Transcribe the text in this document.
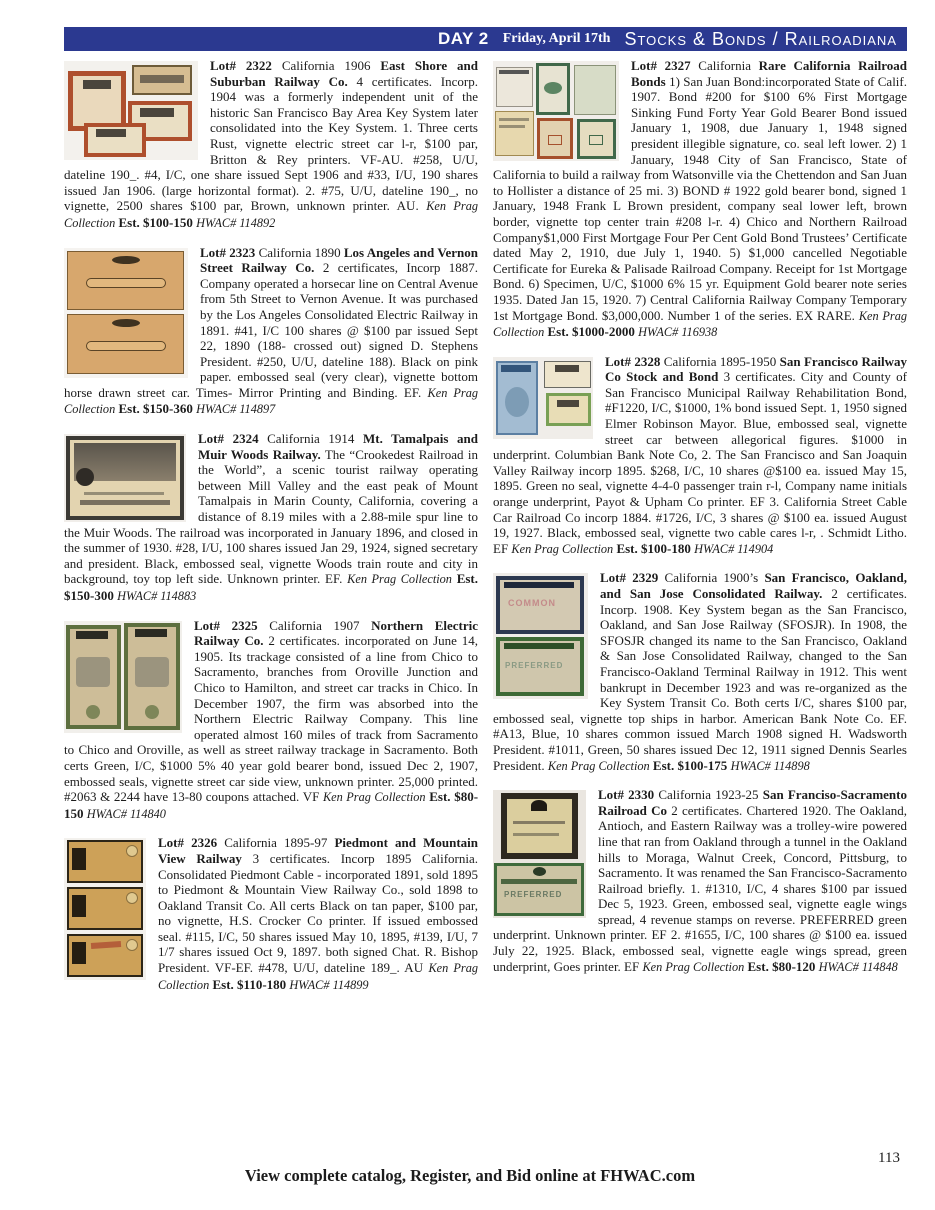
DAY 2 Friday, April 17th Stocks & Bonds / Railroadiana

Lot# 2322 California 1906 East Shore and Suburban Railway Co. 4 certificates. Incorp. 1904 was a formerly independent unit of the historic San Francisco Bay Area Key System later consolidated into the Key System. 1. Three certs Rust, vignette electric street car l-r, $100 par, Britton & Rey printers. VF-AU. #258, U/U, dateline 190_. #4, I/C, one share issued Sept 1906 and #33, I/U, 190 shares issued Jan 1906. (large horizontal format). 2. #75, U/U, dateline 190_, no vignette, 2500 shares $100 par, Brown, unknown printer. AU. Ken Prag Collection Est. $100-150 HWAC# 114892

Lot# 2323 California 1890 Los Angeles and Vernon Street Railway Co. 2 certificates, Incorp 1887. Company operated a horsecar line on Central Avenue from 5th Street to Vernon Avenue. It was purchased by the Los Angeles Consolidated Electric Railway in 1891. #41, I/C 100 shares @ $100 par issued Sept 22, 1890 (188- crossed out) signed D. Stephens President. #250, U/U, dateline 188). Black on pink paper. embossed seal (very clear), vignette bottom horse drawn street car. Times- Mirror Printing and Binding. EF. Ken Prag Collection Est. $150-360 HWAC# 114897

Lot# 2324 California 1914 Mt. Tamalpais and Muir Woods Railway. The “Crookedest Railroad in the World”, a scenic tourist railway operating between Mill Valley and the east peak of Mount Tamalpais in Marin County, California, covering a distance of 8.19 miles with a 2.88-mile spur line to the Muir Woods. The railroad was incorporated in January 1896, and closed in the summer of 1930. #28, I/U, 100 shares issued Jan 29, 1924, signed secretary and president. Black, embossed seal, vignette Woods train route and city in background, toy top left side. Unknown printer. EF. Ken Prag Collection Est. $150-300 HWAC# 114883

Lot# 2325 California 1907 Northern Electric Railway Co. 2 certificates. incorporated on June 14, 1905. Its trackage consisted of a line from Chico to Sacramento, branches from Oroville Junction and Chico to Hamilton, and street car tracks in Chico. In December 1907, the firm was absorbed into the Northern Electric Railway Company. This line operated almost 160 miles of track from Sacramento to Chico and Oroville, as well as street railway trackage in Sacramento. Both certs Green, I/C, $1000 5% 40 year gold bearer bond, issued Dec 2, 1907, embossed seals, vignette street car side view, unknown printer. 25,000 printed. #2063 & 2244 have 13-80 coupons attached. VF Ken Prag Collection Est. $80-150 HWAC# 114840

Lot# 2326 California 1895-97 Piedmont and Mountain View Railway 3 certificates. Incorp 1895 California. Consolidated Piedmont Cable - incorporated 1891, sold 1895 to Piedmont & Mountain View Railway Co., sold 1898 to Oakland Transit Co. All certs Black on tan paper, $100 par, no vignette, H.S. Crocker Co printer. If issued embossed seal. #115, I/C, 50 shares issued May 10, 1895, #139, I/U, 7 1/7 shares issued Oct 9, 1897. both signed Chat. R. Bishop President. VF-EF. #478, U/U, dateline 189_. AU Ken Prag Collection Est. $110-180 HWAC# 114899

Lot# 2327 California Rare California Railroad Bonds 1) San Juan Bond:incorporated State of Calif. 1907. Bond #200 for $100 6% First Mortgage Sinking Fund Forty Year Gold Bearer Bond issued January 1, 1908, due January 1, 1948 signed president illegible signature, co. seal left lower. 2) 1 January, 1948 City of San Francisco, State of California to build a railway from Watsonville via the Chettendon and San Juan to Hollister a distance of 25 mi. 3) BOND # 1922 gold bearer bond, signed 1 January, 1948 Frank L Brown president, company seal lower left, brown border, vignette top center train #208 l-r. 4) Chico and Northern Railroad Company$1,000 First Mortgage Four Per Cent Gold Bond Trustees’ Certificate dated May 2, 1910, due July 1, 1940. 5) $1,000 cancelled Negotiable Certificate for Eureka & Palisade Railroad Company. Receipt for 1st Mortgage Bond. 6) Specimen, U/C, $1000 6% 15 yr. Equipment Gold bearer note series 1935. Dated Jan 15, 1920. 7) Central California Railway Company Temporary 1st Mortgage Bond. $3,000,000. Number 1 of the series. EX RARE. Ken Prag Collection Est. $1000-2000 HWAC# 116938

Lot# 2328 California 1895-1950 San Francisco Railway Co Stock and Bond 3 certificates. City and County of San Francisco Municipal Railway Rehabilitation Bond, #F1220, I/C, $1000, 1% bond issued Sept. 1, 1950 signed Elmer Robinson Mayor. Blue, embossed seal, vignette street car between allegorical figures. $1000 in underprint. Columbian Bank Note Co, 2. The San Francisco and San Joaquin Valley Railway incorp 1895. $268, I/C, 10 shares @$100 ea. issued May 15, 1895. Green no seal, vignette 4-4-0 passenger train r-l, Company name initials orange underprint, Payot & Upham Co printer. EF 3. California Street Cable Car Railroad Co incorp 1884. #1726, I/C, 3 shares @ $100 ea. issued August 19, 1927. Black, embossed seal, vignette two cable cares l-r, . Schmidt Litho. EF Ken Prag Collection Est. $100-180 HWAC# 114904

COMMON
PREFERRED

Lot# 2329 California 1900’s San Francisco, Oakland, and San Jose Consolidated Railway. 2 certificates. Incorp. 1908. Key System began as the San Francisco, Oakland, and San Jose Railway (SFOSJR). In 1908, the SFOSJR changed its name to the San Francisco, Oakland & San Jose Consolidated Railway, changed to the San Francisco-Oakland Terminal Railway in 1912. This went bankrupt in December 1923 and was re-organized as the Key System Transit Co. Both certs I/C, shares $100 par, embossed seal, vignette top ships in harbor. American Bank Note Co. EF. #A13, Blue, 10 shares common issued March 1908 signed H. Wadsworth President. #1011, Green, 50 shares issued Dec 12, 1911 signed Dennis Searles President. Ken Prag Collection Est. $100-175 HWAC# 114898

PREFERRED

Lot# 2330 California 1923-25 San Franciso-Sacramento Railroad Co 2 certificates. Chartered 1920. The Oakland, Antioch, and Eastern Railway was a trolley-wire powered line that ran from Oakland through a tunnel in the Oakland hills to Moraga, Walnut Creek, Concord, Pittsburg, to Sacramento. It was renamed the San Francisco-Sacramento Railroad briefly. 1. #1310, I/C, 4 shares $100 par issued Dec 5, 1923. Green, embossed seal, vignette eagle wings spread, 4 revenue stamps on reverse. PREFERRED green underprint. Unknown printer. EF 2. #1655, I/C, 100 shares @ $100 ea. issued July 22, 1925. Black, embossed seal, vignette eagle wings spread, green underprint, Goes printer. EF Ken Prag Collection Est. $80-120 HWAC# 114848

113
View complete catalog, Register, and Bid online at FHWAC.com
